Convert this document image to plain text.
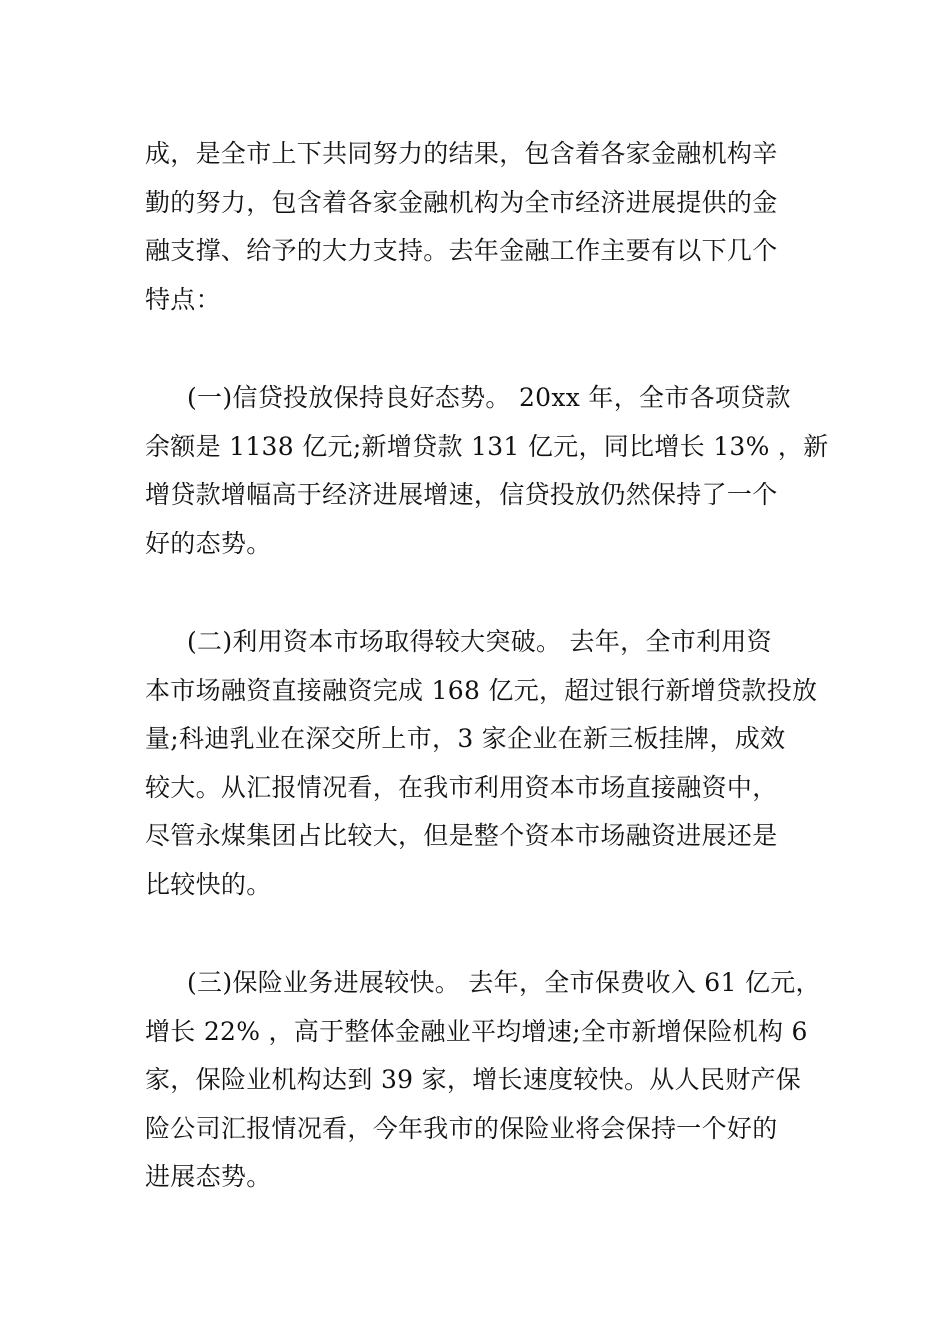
成，是全市上下共同努力的结果，包含着各家金融机构辛
勤的努力，包含着各家金融机构为全市经济进展提供的金
融支撑、给予的大力支持。去年金融工作主要有以下几个
特点：
(一)信贷投放保持良好态势。 20xx 年，全市各项贷款
余额是 1138 亿元;新增贷款 131 亿元，同比增长 13% ，新
增贷款增幅高于经济进展增速，信贷投放仍然保持了一个
好的态势。
(二)利用资本市场取得较大突破。 去年，全市利用资
本市场融资直接融资完成 168 亿元，超过银行新增贷款投放
量;科迪乳业在深交所上市，3 家企业在新三板挂牌，成效
较大。从汇报情况看，在我市利用资本市场直接融资中，
尽管永煤集团占比较大，但是整个资本市场融资进展还是
比较快的。
(三)保险业务进展较快。 去年，全市保费收入 61 亿元，
增长 22% ，高于整体金融业平均增速;全市新增保险机构 6
家，保险业机构达到 39 家，增长速度较快。从人民财产保
险公司汇报情况看，今年我市的保险业将会保持一个好的
进展态势。
